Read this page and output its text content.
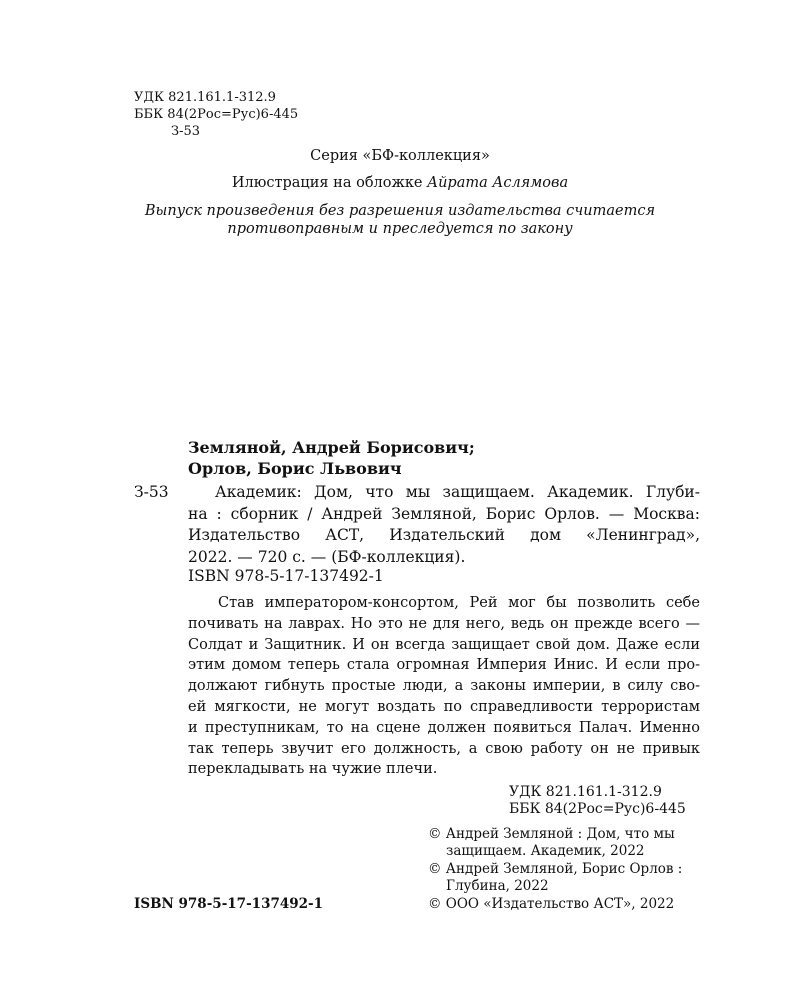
УДК 821.161.1-312.9
ББК 84(2Рос=Рус)6-445
З-53
Серия «БФ-коллекция»
Илюстрация на обложке Айрата Аслямова
Выпуск произведения без разрешения издательства считается
противоправным и преследуется по закону
Земляной, Андрей Борисович;
Орлов, Борис Львович
З-53	Академик: Дом, что мы защищаем. Академик. Глуби-
на : сборник / Андрей Земляной, Борис Орлов. — Москва:
Издательство АСТ, Издательский дом «Ленинград»,
2022. — 720 с. — (БФ-коллекция).
ISBN 978-5-17-137492-1
Став императором-консортом, Рей мог бы позволить себе
почивать на лаврах. Но это не для него, ведь он прежде всего —
Солдат и Защитник. И он всегда защищает свой дом. Даже если
этим домом теперь стала огромная Империя Инис. И если про-
должают гибнуть простые люди, а законы империи, в силу сво-
ей мягкости, не могут воздать по справедливости террористам
и преступникам, то на сцене должен появиться Палач. Именно
так теперь звучит его должность, а свою работу он не привык
перекладывать на чужие плечи.
УДК 821.161.1-312.9
ББК 84(2Рос=Рус)6-445
© Андрей Земляной : Дом, что мы
защищаем. Академик, 2022
© Андрей Земляной, Борис Орлов :
Глубина, 2022
© ООО «Издательство АСТ», 2022
ISBN 978-5-17-137492-1
